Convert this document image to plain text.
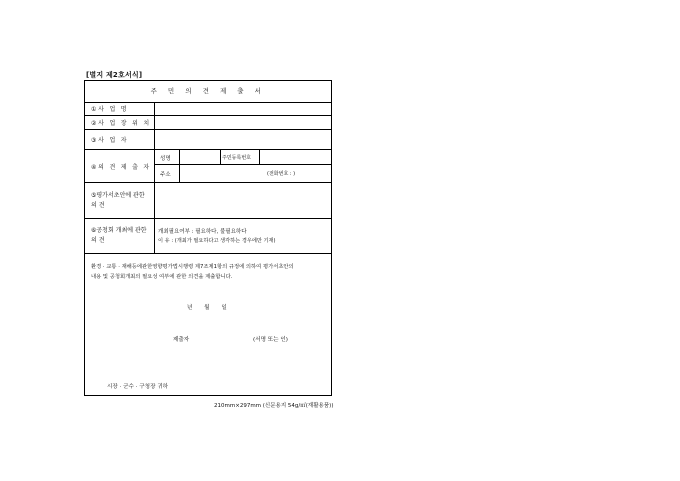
[별지 제2호서식]
주 민 의 견 제 출 서
①사 업 명
②사 업 장 위 치
③사 업 자
④의 견 제 출 자
성명	주민등록번호
주소	(전화번호 : )
⑤평가서초안에 관한
의 견
⑥공청회 개최에 관한
의 견
개최필요여부 : 필요하다, 불필요하다
이 유 : (개최가 필요하다고 생각하는 경우에만 기재)
환경 · 교통 · 재해등에관한영향평가법시행령 제7조제1항의 규정에 의하여 평가서초안의
내용 및 공청회개최의 필요성 여부에 관한 의견을 제출합니다.
년 월 일
제출자	(서명 또는 인)
시장 · 군수 · 구청장 귀하
210mm×297mm (신문용지 54g/㎡(재활용품))
